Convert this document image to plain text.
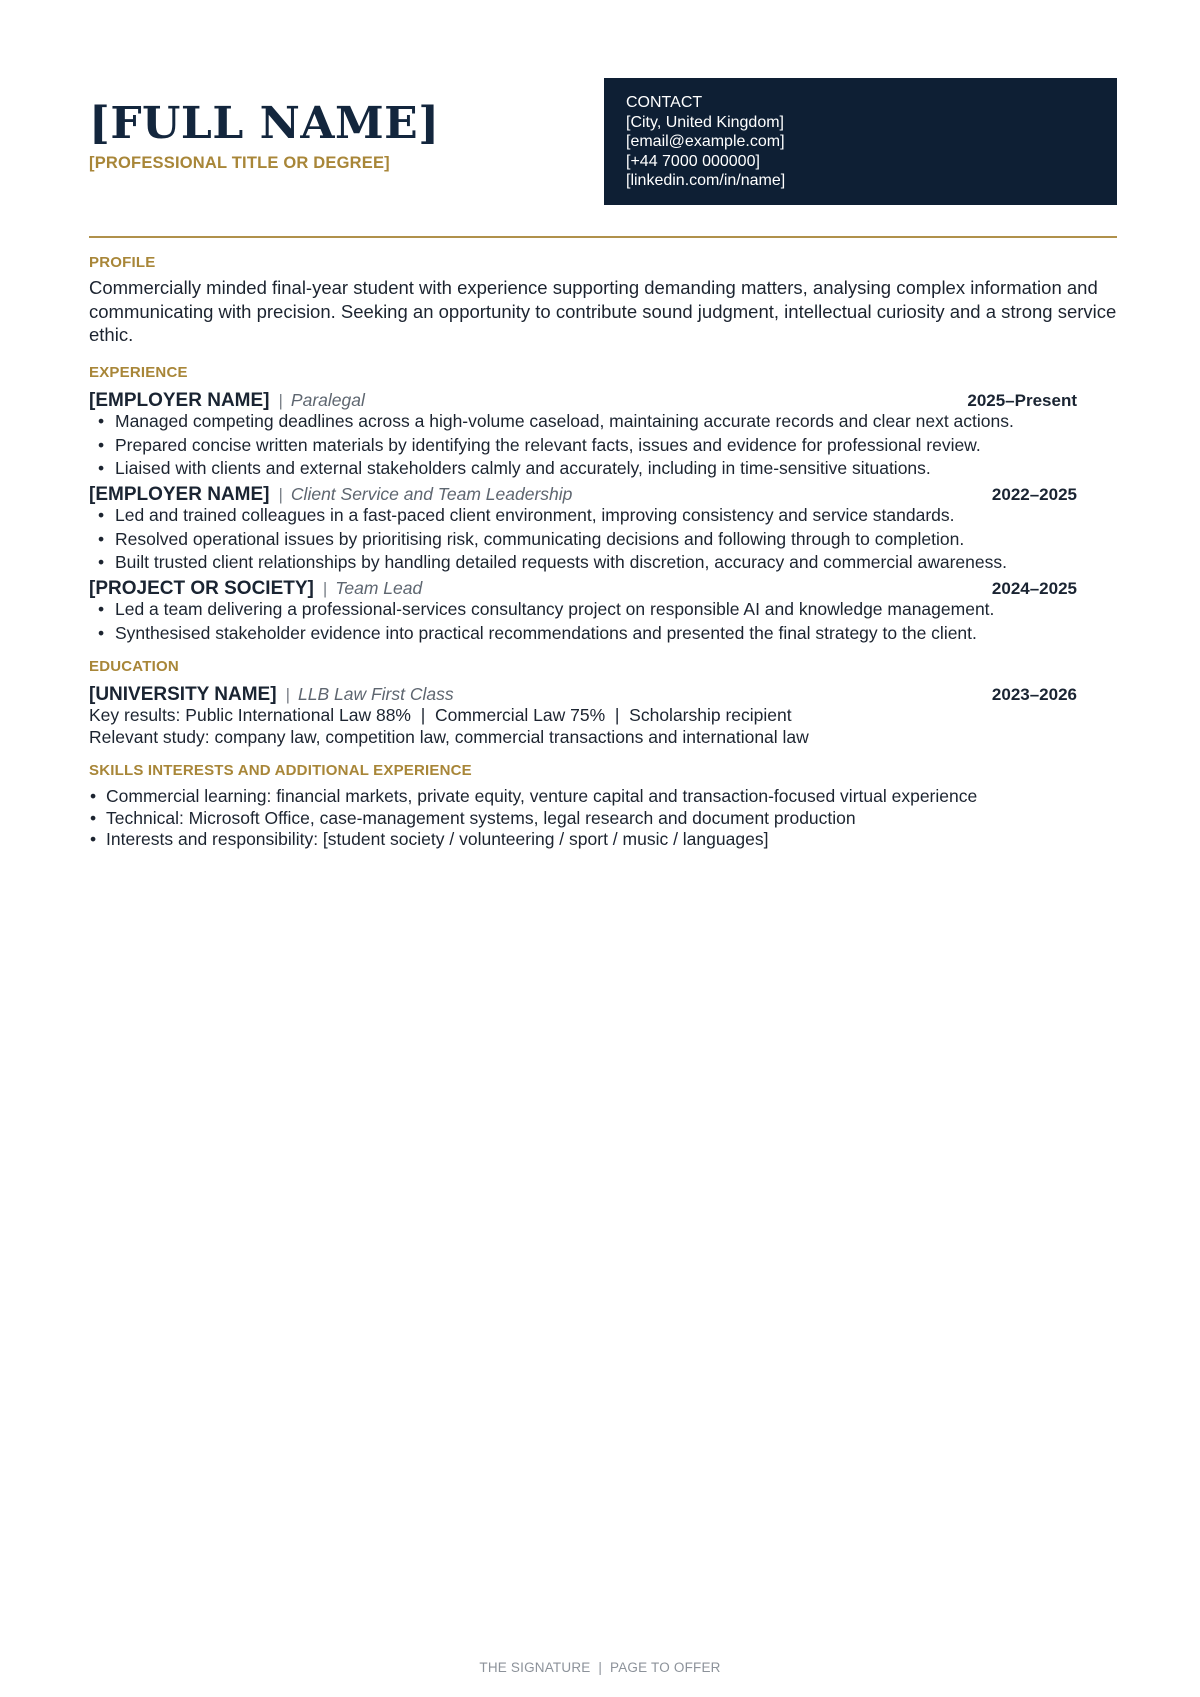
[FULL NAME]
[PROFESSIONAL TITLE OR DEGREE]
CONTACT
[City, United Kingdom]
[email@example.com]
[+44 7000 000000]
[linkedin.com/in/name]
PROFILE
Commercially minded final-year student with experience supporting demanding matters, analysing complex information and communicating with precision. Seeking an opportunity to contribute sound judgment, intellectual curiosity and a strong service ethic.
EXPERIENCE
[EMPLOYER NAME] | Paralegal	2025–Present
• Managed competing deadlines across a high-volume caseload, maintaining accurate records and clear next actions.
• Prepared concise written materials by identifying the relevant facts, issues and evidence for professional review.
• Liaised with clients and external stakeholders calmly and accurately, including in time-sensitive situations.
[EMPLOYER NAME] | Client Service and Team Leadership	2022–2025
• Led and trained colleagues in a fast-paced client environment, improving consistency and service standards.
• Resolved operational issues by prioritising risk, communicating decisions and following through to completion.
• Built trusted client relationships by handling detailed requests with discretion, accuracy and commercial awareness.
[PROJECT OR SOCIETY] | Team Lead	2024–2025
• Led a team delivering a professional-services consultancy project on responsible AI and knowledge management.
• Synthesised stakeholder evidence into practical recommendations and presented the final strategy to the client.
EDUCATION
[UNIVERSITY NAME] | LLB Law First Class	2023–2026
Key results: Public International Law 88%  |  Commercial Law 75%  |  Scholarship recipient
Relevant study: company law, competition law, commercial transactions and international law
SKILLS INTERESTS AND ADDITIONAL EXPERIENCE
• Commercial learning: financial markets, private equity, venture capital and transaction-focused virtual experience
• Technical: Microsoft Office, case-management systems, legal research and document production
• Interests and responsibility: [student society / volunteering / sport / music / languages]
THE SIGNATURE  |  PAGE TO OFFER
